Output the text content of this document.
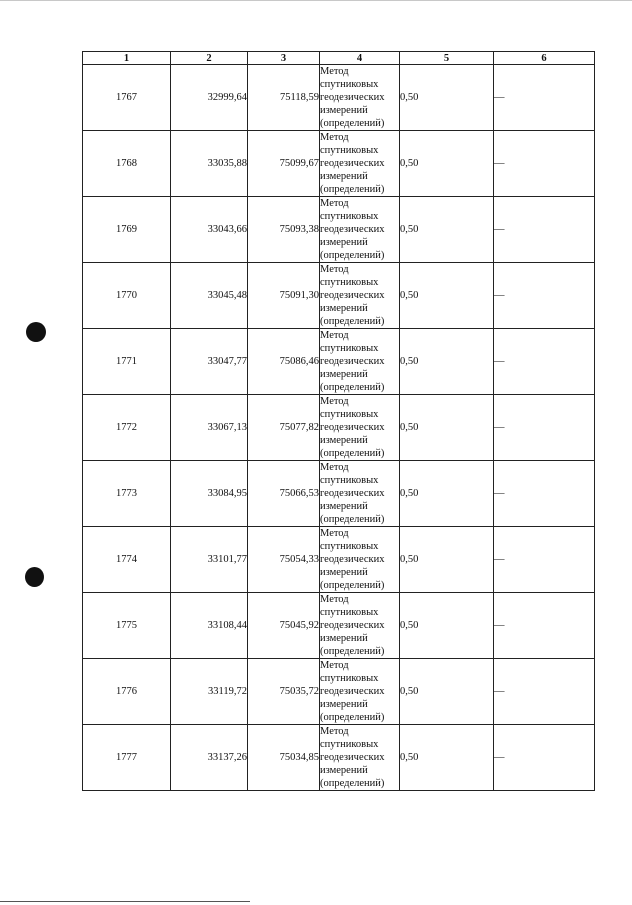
1	2	3	4	5	6
1767	32999,64	75118,59	Метод спутниковых геодезических измерений (определений)	0,50	—
1768	33035,88	75099,67	Метод спутниковых геодезических измерений (определений)	0,50	—
1769	33043,66	75093,38	Метод спутниковых геодезических измерений (определений)	0,50	—
1770	33045,48	75091,30	Метод спутниковых геодезических измерений (определений)	0,50	—
1771	33047,77	75086,46	Метод спутниковых геодезических измерений (определений)	0,50	—
1772	33067,13	75077,82	Метод спутниковых геодезических измерений (определений)	0,50	—
1773	33084,95	75066,53	Метод спутниковых геодезических измерений (определений)	0,50	—
1774	33101,77	75054,33	Метод спутниковых геодезических измерений (определений)	0,50	—
1775	33108,44	75045,92	Метод спутниковых геодезических измерений (определений)	0,50	—
1776	33119,72	75035,72	Метод спутниковых геодезических измерений (определений)	0,50	—
1777	33137,26	75034,85	Метод спутниковых геодезических измерений (определений)	0,50	—
